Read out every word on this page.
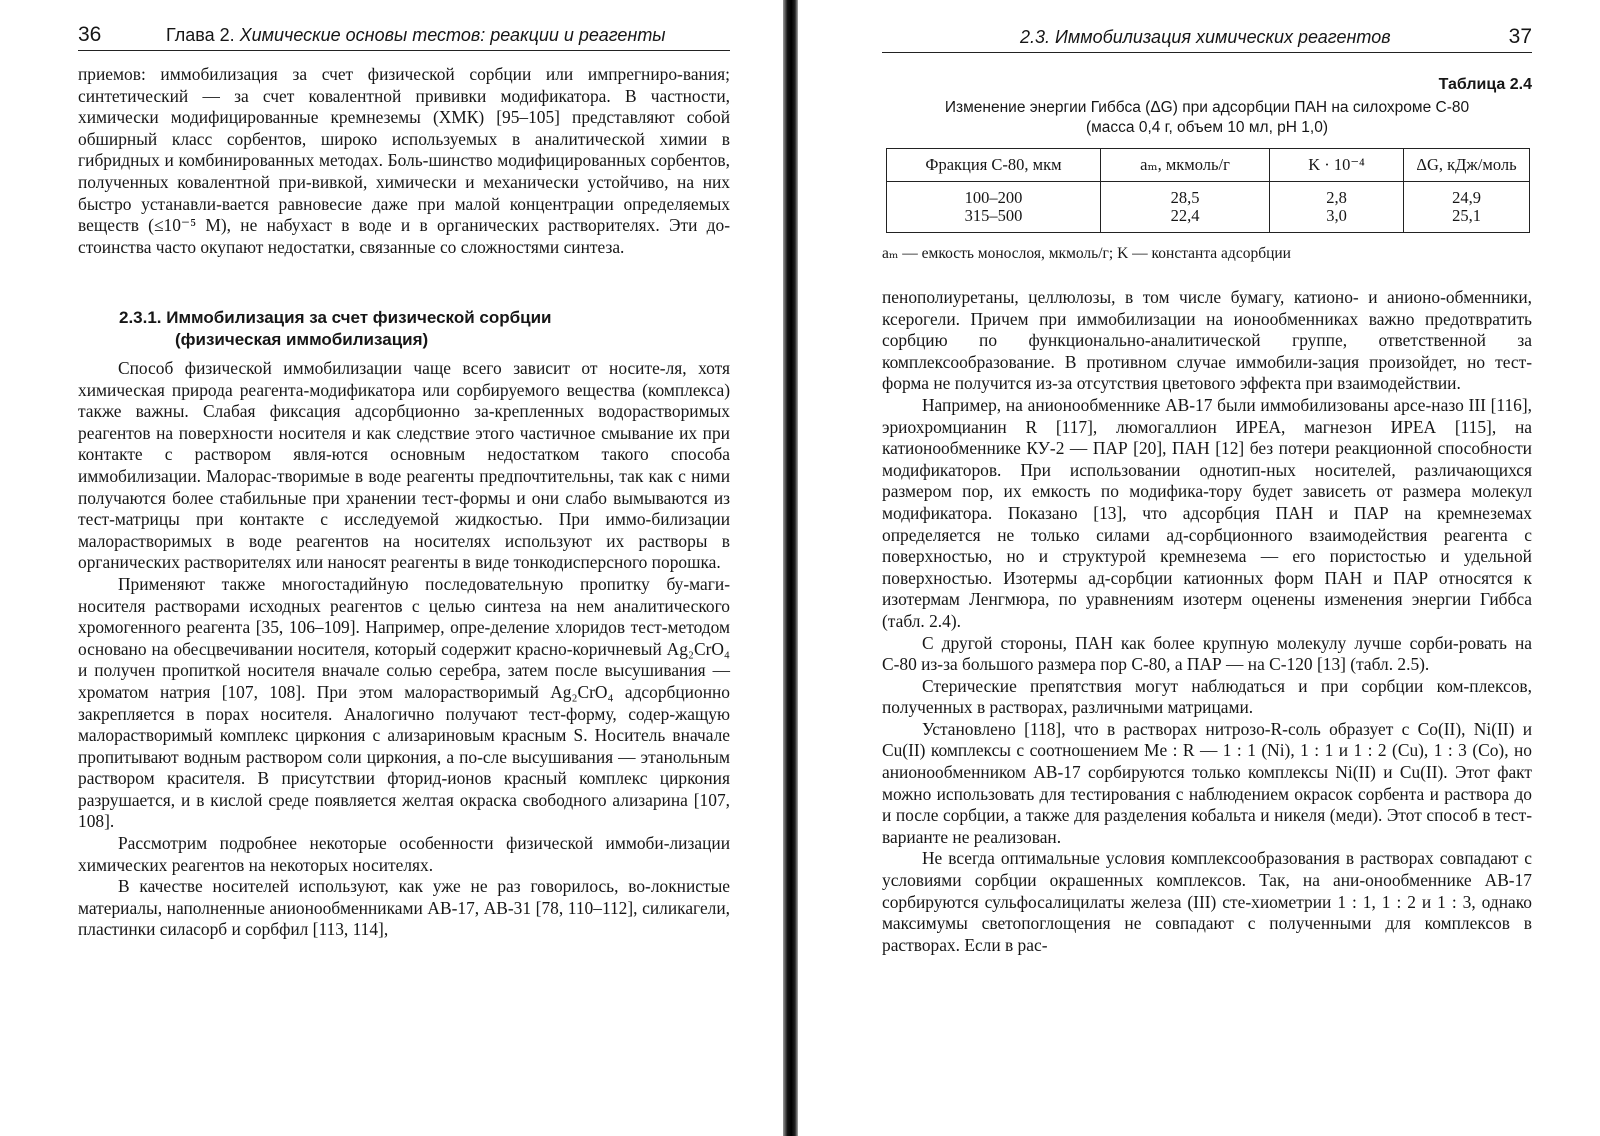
36	Глава 2. Химические основы тестов: реакции и реагенты

приемов: иммобилизация за счет физической сорбции или импрегниро-вания; синтетический — за счет ковалентной прививки модификатора. В частности, химически модифицированные кремнеземы (ХМК) [95–105] представляют собой обширный класс сорбентов, широко используемых в аналитической химии в гибридных и комбинированных методах. Боль-шинство модифицированных сорбентов, полученных ковалентной при-вивкой, химически и механически устойчиво, на них быстро устанавли-вается равновесие даже при малой концентрации определяемых веществ (≤10⁻⁵ М), не набухаст в воде и в органических растворителях. Эти до-стоинства часто окупают недостатки, связанные со сложностями синтеза.

2.3.1. Иммобилизация за счет физической сорбции
(физическая иммобилизация)

Способ физической иммобилизации чаще всего зависит от носите-ля, хотя химическая природа реагента-модификатора или сорбируемого вещества (комплекса) также важны. Слабая фиксация адсорбционно за-крепленных водорастворимых реагентов на поверхности носителя и как следствие этого частичное смывание их при контакте с раствором явля-ются основным недостатком такого способа иммобилизации. Малорас-творимые в воде реагенты предпочтительны, так как с ними получаются более стабильные при хранении тест-формы и они слабо вымываются из тест-матрицы при контакте с исследуемой жидкостью. При иммо-билизации малорастворимых в воде реагентов на носителях используют их растворы в органических растворителях или наносят реагенты в виде тонкодисперсного порошка.

Применяют также многостадийную последовательную пропитку бу-маги-носителя растворами исходных реагентов с целью синтеза на нем аналитического хромогенного реагента [35, 106–109]. Например, опре-деление хлоридов тест-методом основано на обесцвечивании носителя, который содержит красно-коричневый Ag₂CrO₄ и получен пропиткой носителя вначале солью серебра, затем после высушивания — хроматом натрия [107, 108]. При этом малорастворимый Ag₂CrO₄ адсорбционно закрепляется в порах носителя. Аналогично получают тест-форму, содер-жащую малорастворимый комплекс циркония с ализариновым красным S. Носитель вначале пропитывают водным раствором соли циркония, а по-сле высушивания — этанольным раствором красителя. В присутствии фторид-ионов красный комплекс циркония разрушается, и в кислой среде появляется желтая окраска свободного ализарина [107, 108].

Рассмотрим подробнее некоторые особенности физической иммоби-лизации химических реагентов на некоторых носителях.

В качестве носителей используют, как уже не раз говорилось, во-локнистые материалы, наполненные анионообменниками АВ-17, АВ-31 [78, 110–112], силикагели, пластинки силасорб и сорбфил [113, 114],

2.3. Иммобилизация химических реагентов	37
Таблица 2.4
Изменение энергии Гиббса (ΔG) при адсорбции ПАН на силохроме С-80
(масса 0,4 г, объем 10 мл, рН 1,0)
Фракция С-80, мкм	aₘ, мкмоль/г	K · 10⁻⁴	ΔG, кДж/моль
100–200	28,5	2,8	24,9
315–500	22,4	3,0	25,1
aₘ — емкость монослоя, мкмоль/г; K — константа адсорбции

пенополиуретаны, целлюлозы, в том числе бумагу, катионо- и анионо-обменники, ксерогели. Причем при иммобилизации на ионообменниках важно предотвратить сорбцию по функционально-аналитической группе, ответственной за комплексообразование. В противном случае иммобили-зация произойдет, но тест-форма не получится из-за отсутствия цветового эффекта при взаимодействии.

Например, на анионообменнике АВ-17 были иммобилизованы арсе-назо III [116], эриохромцианин R [117], люмогаллион ИРЕА, магнезон ИРЕА [115], на катионообменнике КУ-2 — ПАР [20], ПАН [12] без потери реакционной способности модификаторов. При использовании однотип-ных носителей, различающихся размером пор, их емкость по модифика-тору будет зависеть от размера молекул модификатора. Показано [13], что адсорбция ПАН и ПАР на кремнеземах определяется не только силами ад-сорбционного взаимодействия реагента с поверхностью, но и структурой кремнезема — его пористостью и удельной поверхностью. Изотермы ад-сорбции катионных форм ПАН и ПАР относятся к изотермам Ленгмюра, по уравнениям изотерм оценены изменения энергии Гиббса (табл. 2.4).

С другой стороны, ПАН как более крупную молекулу лучше сорби-ровать на С-80 из-за большого размера пор С-80, а ПАР — на С-120 [13] (табл. 2.5).

Стерические препятствия могут наблюдаться и при сорбции ком-плексов, полученных в растворах, различными матрицами.

Установлено [118], что в растворах нитрозо-R-соль образует с Co(II), Ni(II) и Cu(II) комплексы с соотношением Me : R — 1 : 1 (Ni), 1 : 1 и 1 : 2 (Cu), 1 : 3 (Co), но анионообменником АВ-17 сорбируются только комплексы Ni(II) и Cu(II). Этот факт можно использовать для тестирования с наблюдением окрасок сорбента и раствора до и после сорбции, а также для разделения кобальта и никеля (меди). Этот способ в тест-варианте не реализован.

Не всегда оптимальные условия комплексообразования в растворах совпадают с условиями сорбции окрашенных комплексов. Так, на ани-онообменнике АВ-17 сорбируются сульфосалицилаты железа (III) сте-хиометрии 1 : 1, 1 : 2 и 1 : 3, однако максимумы светопоглощения не совпадают с полученными для комплексов в растворах. Если в рас-
